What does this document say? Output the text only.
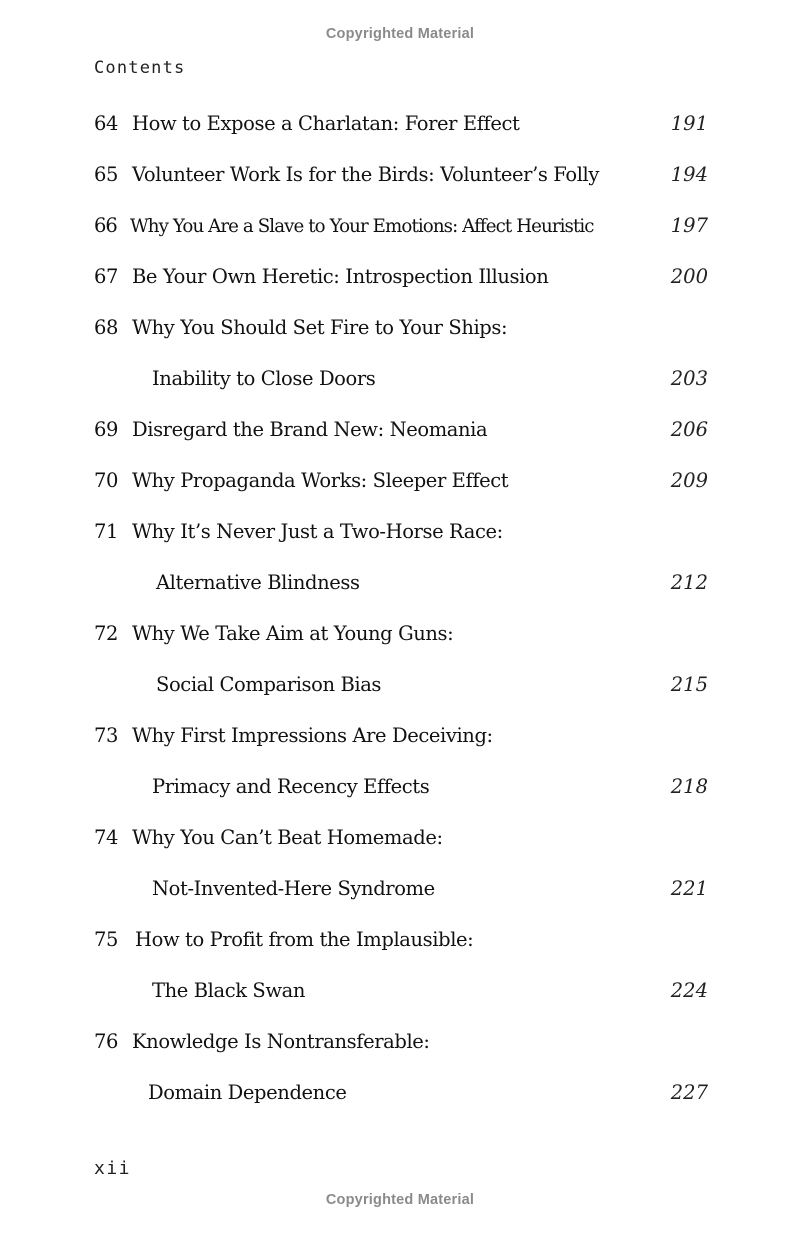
Copyrighted Material
Contents
64 How to Expose a Charlatan: Forer Effect	191
65 Volunteer Work Is for the Birds: Volunteer’s Folly	194
66 Why You Are a Slave to Your Emotions: Affect Heuristic	197
67 Be Your Own Heretic: Introspection Illusion	200
68 Why You Should Set Fire to Your Ships:
Inability to Close Doors	203
69 Disregard the Brand New: Neomania	206
70 Why Propaganda Works: Sleeper Effect	209
71 Why It’s Never Just a Two-Horse Race:
Alternative Blindness	212
72 Why We Take Aim at Young Guns:
Social Comparison Bias	215
73 Why First Impressions Are Deceiving:
Primacy and Recency Effects	218
74 Why You Can’t Beat Homemade:
Not-Invented-Here Syndrome	221
75 How to Profit from the Implausible:
The Black Swan	224
76 Knowledge Is Nontransferable:
Domain Dependence	227
xii
Copyrighted Material
